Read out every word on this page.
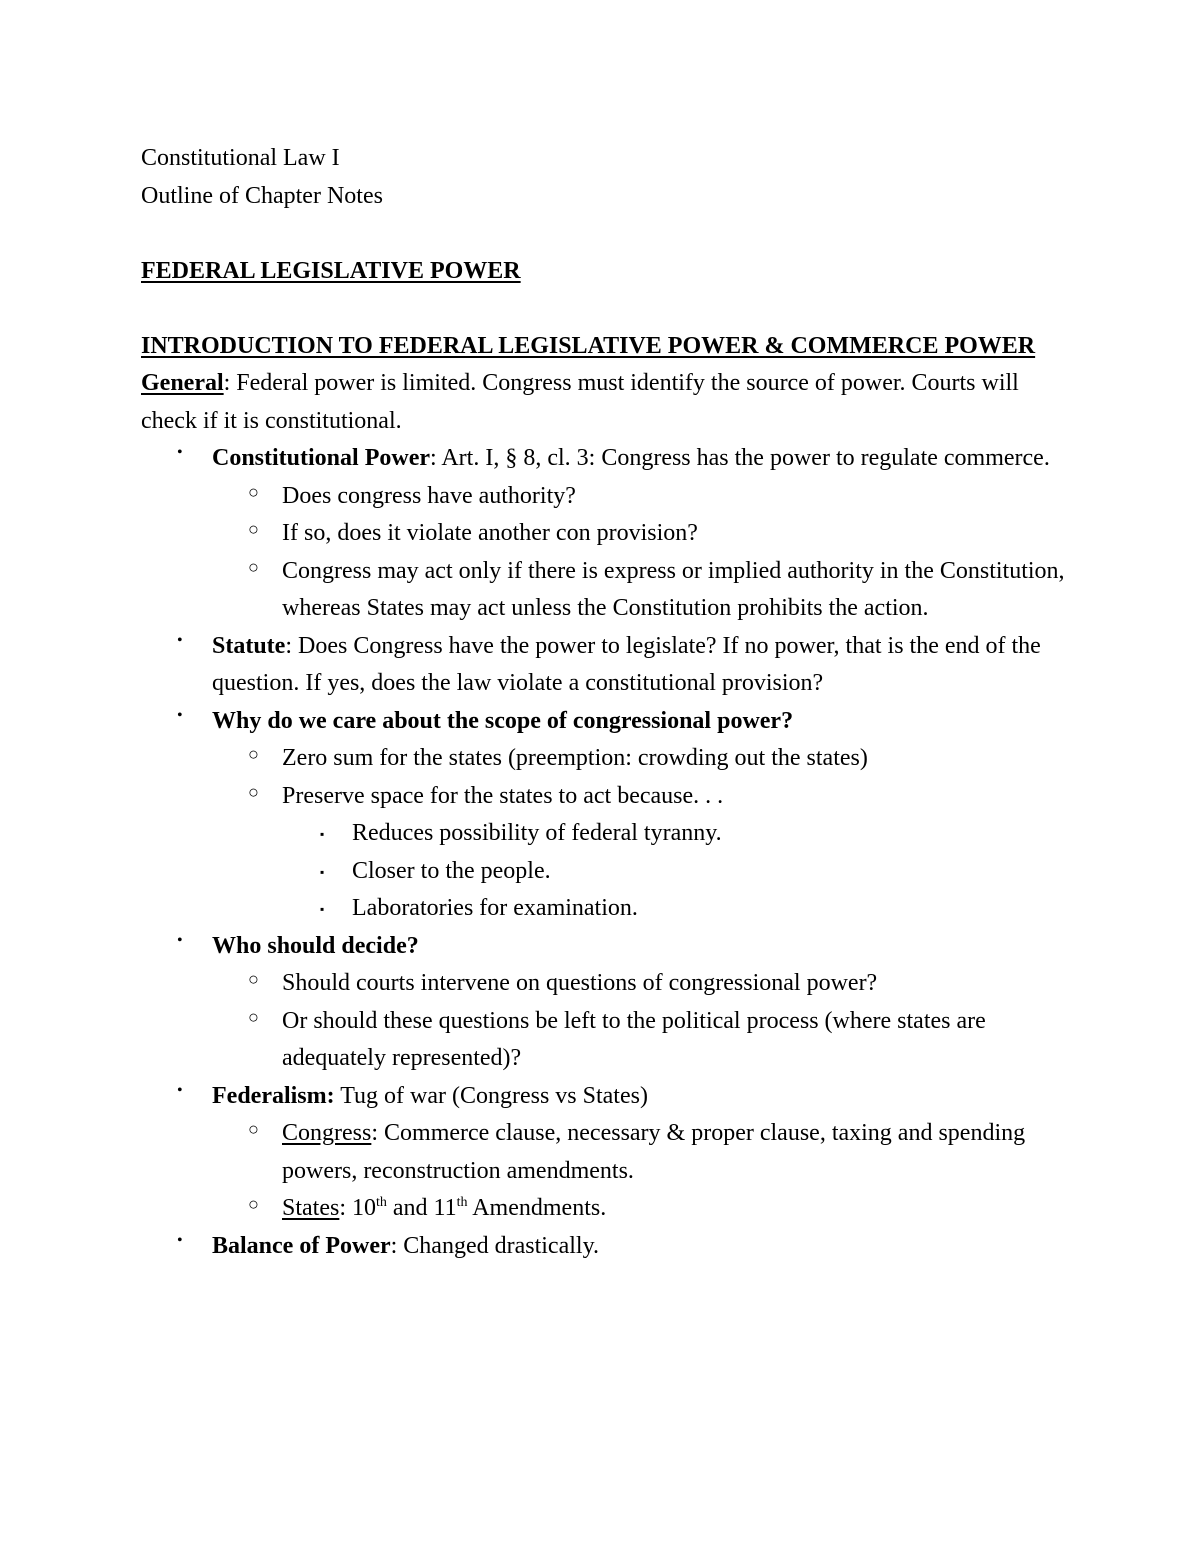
Constitutional Law I

Outline of Chapter Notes

FEDERAL LEGISLATIVE POWER

INTRODUCTION TO FEDERAL LEGISLATIVE POWER & COMMERCE POWER

General: Federal power is limited. Congress must identify the source of power. Courts will check if it is constitutional.

• Constitutional Power: Art. I, § 8, cl. 3: Congress has the power to regulate commerce.
○ Does congress have authority?
○ If so, does it violate another con provision?
○ Congress may act only if there is express or implied authority in the Constitution, whereas States may act unless the Constitution prohibits the action.
• Statute: Does Congress have the power to legislate? If no power, that is the end of the question. If yes, does the law violate a constitutional provision?
• Why do we care about the scope of congressional power?
○ Zero sum for the states (preemption: crowding out the states)
○ Preserve space for the states to act because. . .
▪ Reduces possibility of federal tyranny.
▪ Closer to the people.
▪ Laboratories for examination.
• Who should decide?
○ Should courts intervene on questions of congressional power?
○ Or should these questions be left to the political process (where states are adequately represented)?
• Federalism: Tug of war (Congress vs States)
○ Congress: Commerce clause, necessary & proper clause, taxing and spending powers, reconstruction amendments.
○ States: 10th and 11th Amendments.
• Balance of Power: Changed drastically.
